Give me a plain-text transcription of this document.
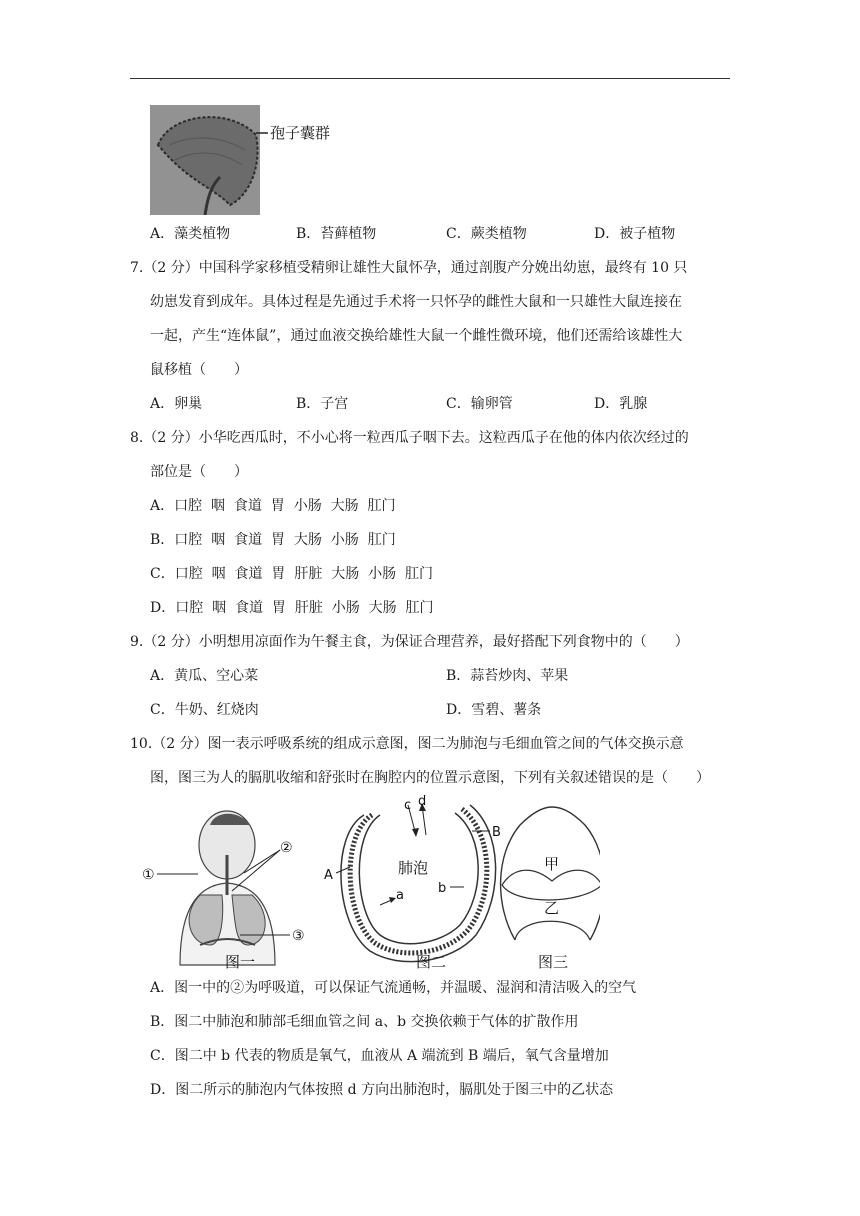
孢子囊群
A．藻类植物	B．苔藓植物	C．蕨类植物	D．被子植物
7.（2 分）中国科学家移植受精卵让雄性大鼠怀孕，通过剖腹产分娩出幼崽，最终有 10 只
幼崽发育到成年。具体过程是先通过手术将一只怀孕的雌性大鼠和一只雄性大鼠连接在
一起，产生“连体鼠”，通过血液交换给雄性大鼠一个雌性微环境，他们还需给该雄性大
鼠移植（　　）
A．卵巢	B．子宫	C．输卵管	D．乳腺
8.（2 分）小华吃西瓜时，不小心将一粒西瓜子咽下去。这粒西瓜子在他的体内依次经过的
部位是（　　）
A．口腔  咽  食道  胃  小肠  大肠  肛门
B．口腔  咽  食道  胃  大肠  小肠  肛门
C．口腔  咽  食道  胃  肝脏  大肠  小肠  肛门
D．口腔  咽  食道  胃  肝脏  小肠  大肠  肛门
9.（2 分）小明想用凉面作为午餐主食，为保证合理营养，最好搭配下列食物中的（　　）
A．黄瓜、空心菜	B．蒜苔炒肉、苹果
C．牛奶、红烧肉	D．雪碧、薯条
10.（2 分）图一表示呼吸系统的组成示意图，图二为肺泡与毛细血管之间的气体交换示意
图，图三为人的膈肌收缩和舒张时在胸腔内的位置示意图，下列有关叙述错误的是（　　）
②
①
③
图一
c d
肺泡
A
B
a	b
图二
甲
乙
图三
A．图一中的②为呼吸道，可以保证气流通畅，并温暖、湿润和清洁吸入的空气
B．图二中肺泡和肺部毛细血管之间 a、b 交换依赖于气体的扩散作用
C．图二中 b 代表的物质是氧气，血液从 A 端流到 B 端后，氧气含量增加
D．图二所示的肺泡内气体按照 d 方向出肺泡时，膈肌处于图三中的乙状态
